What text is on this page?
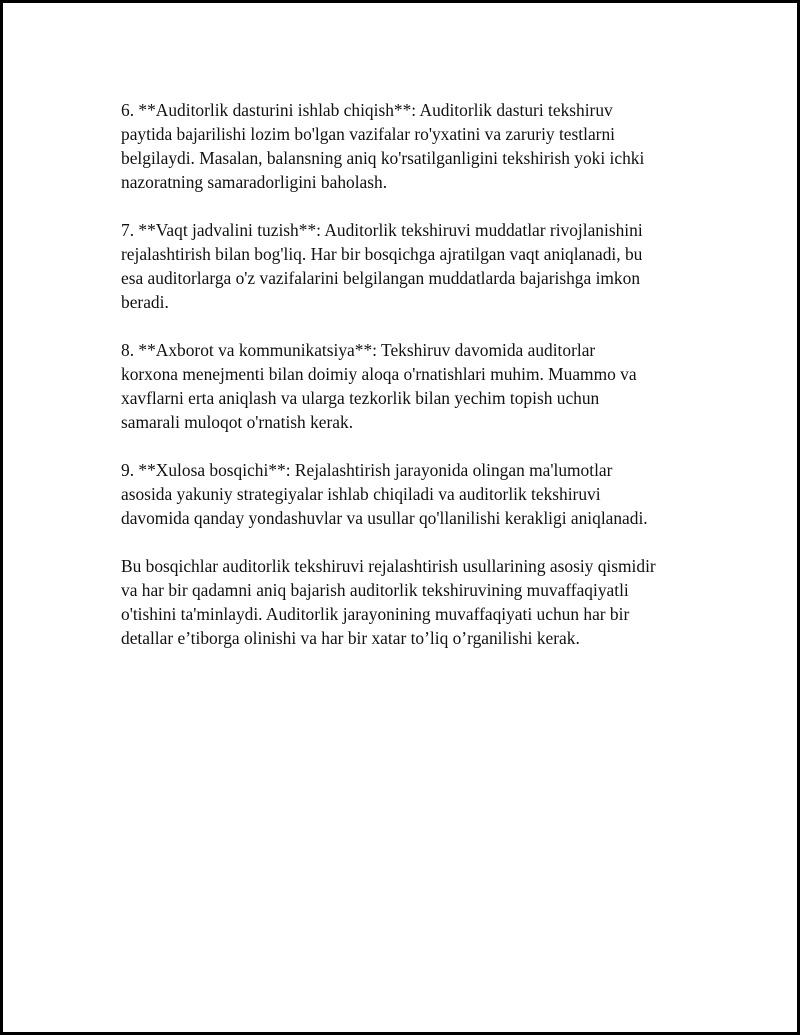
6. **Auditorlik dasturini ishlab chiqish**: Auditorlik dasturi tekshiruv
paytida bajarilishi lozim bo'lgan vazifalar ro'yxatini va zaruriy testlarni
belgilaydi. Masalan, balansning aniq ko'rsatilganligini tekshirish yoki ichki
nazoratning samaradorligini baholash.

7. **Vaqt jadvalini tuzish**: Auditorlik tekshiruvi muddatlar rivojlanishini
rejalashtirish bilan bog'liq. Har bir bosqichga ajratilgan vaqt aniqlanadi, bu
esa auditorlarga o'z vazifalarini belgilangan muddatlarda bajarishga imkon
beradi.

8. **Axborot va kommunikatsiya**: Tekshiruv davomida auditorlar
korxona menejmenti bilan doimiy aloqa o'rnatishlari muhim. Muammo va
xavflarni erta aniqlash va ularga tezkorlik bilan yechim topish uchun
samarali muloqot o'rnatish kerak.

9. **Xulosa bosqichi**: Rejalashtirish jarayonida olingan ma'lumotlar
asosida yakuniy strategiyalar ishlab chiqiladi va auditorlik tekshiruvi
davomida qanday yondashuvlar va usullar qo'llanilishi kerakligi aniqlanadi.

Bu bosqichlar auditorlik tekshiruvi rejalashtirish usullarining asosiy qismidir
va har bir qadamni aniq bajarish auditorlik tekshiruvining muvaffaqiyatli
o'tishini ta'minlaydi. Auditorlik jarayonining muvaffaqiyati uchun har bir
detallar e’tiborga olinishi va har bir xatar to’liq o’rganilishi kerak.
